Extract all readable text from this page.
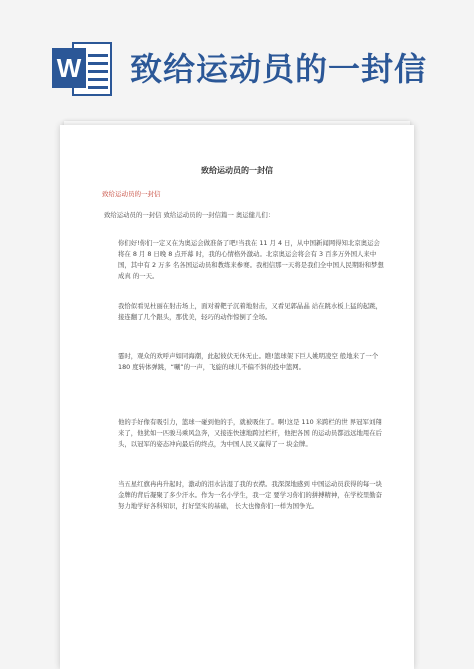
W 致给运动员的一封信
致给运动员的一封信
致给运动员的一封信

致给运动员的一封信 致给运动员的一封信篇一 奥运健儿们：

你们好!你们一定又在为奥运会做准备了吧!当我在 11 月 4 日，从中国新闻网得知北京奥运会将在 8 月 8 日晚 8 点开幕 时，我的心情格外激动。北京奥运会将会有 3 百多万外国人来中国，其中有 2 万多 名各国运动员和教练来参赛。我相信那一天将是我们全中国人民期盼和梦想成真 的一天。

我恰似看见杜丽在射击场上，面对着靶子沉着地射击，又看见郭晶晶 站在跳水板上猛的起跳，接连翻了几个跟头，那优美，轻巧的动作惊倒了全场。

霎时，观众的欢呼声如同海潮，此起彼伏无休无止。瞧!篮球架下巨人姚明凌空 般地来了一个 180 度转体弹跳，“唰”的一声，飞旋的球儿不偏不斜的投中篮网。

他的手好像有吸引力，篮球一碰到他的手，就被吸住了。啊!这是 110 米跨栏的世 界冠军刘翔来了，他犹如一匹骏马乘风急奔，又接连快速地跨过栏杆，他把各国 的运动员都远远地甩在后头，以冠军的姿态冲向最后的终点，为中国人民又赢得了一 块金牌。

当五星红旗冉冉升起时，激动的泪水沾湿了我的衣襟。我深深地感到 中国运动员获得的每一块金牌的背后凝聚了多少汗水。作为一名小学生，我一定 要学习你们的拼搏精神，在学校里勤奋努力地学好各科知识，打好坚实的基础， 长大也像你们一样为国争光。
